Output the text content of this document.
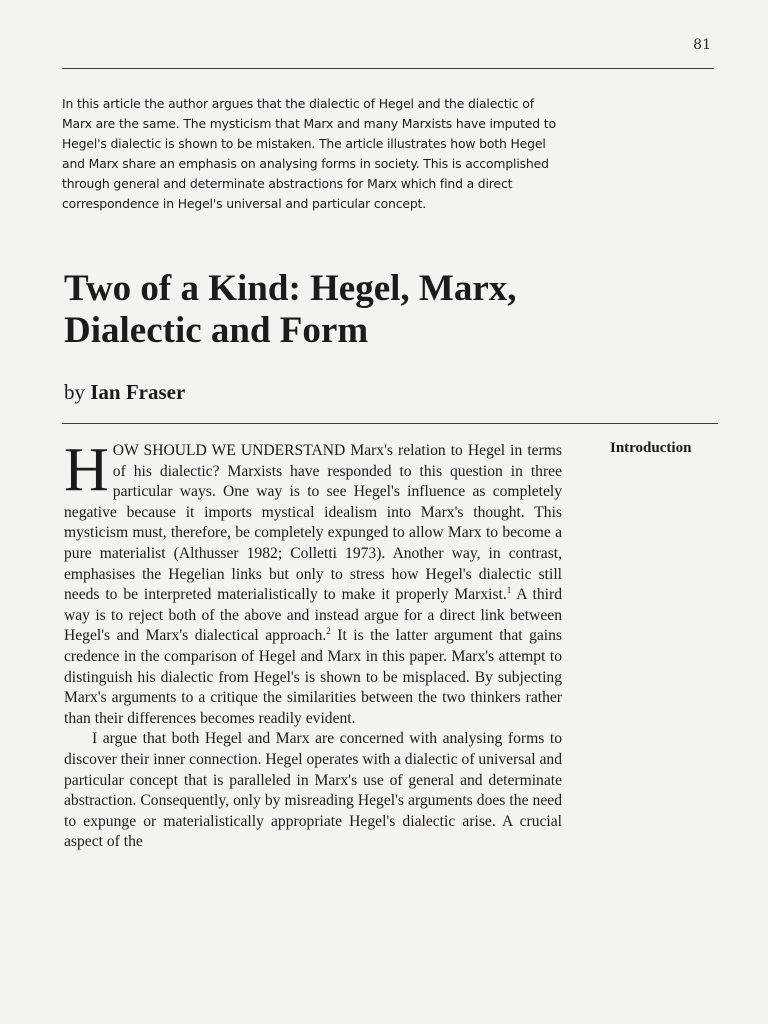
81

In this article the author argues that the dialectic of Hegel and the dialectic of Marx are the same. The mysticism that Marx and many Marxists have imputed to Hegel's dialectic is shown to be mistaken. The article illustrates how both Hegel and Marx share an emphasis on analysing forms in society. This is accomplished through general and determinate abstractions for Marx which find a direct correspondence in Hegel's universal and particular concept.

Two of a Kind: Hegel, Marx,
Dialectic and Form

by Ian Fraser

Introduction

HOW SHOULD WE UNDERSTAND Marx's relation to Hegel in terms of his dialectic? Marxists have responded to this question in three particular ways. One way is to see Hegel's influence as completely negative because it imports mystical idealism into Marx's thought. This mysticism must, therefore, be completely expunged to allow Marx to become a pure materialist (Althusser 1982; Colletti 1973). Another way, in contrast, emphasises the Hegelian links but only to stress how Hegel's dialectic still needs to be interpreted materialistically to make it properly Marxist.$^1$ A third way is to reject both of the above and instead argue for a direct link between Hegel's and Marx's dialectical approach.$^2$ It is the latter argument that gains credence in the comparison of Hegel and Marx in this paper. Marx's attempt to distinguish his dialectic from Hegel's is shown to be misplaced. By subjecting Marx's arguments to a critique the similarities between the two thinkers rather than their differences becomes readily evident.

I argue that both Hegel and Marx are concerned with analysing forms to discover their inner connection. Hegel operates with a dialectic of universal and particular concept that is paralleled in Marx's use of general and determinate abstraction. Consequently, only by misreading Hegel's arguments does the need to expunge or materialistically appropriate Hegel's dialectic arise. A crucial aspect of the
